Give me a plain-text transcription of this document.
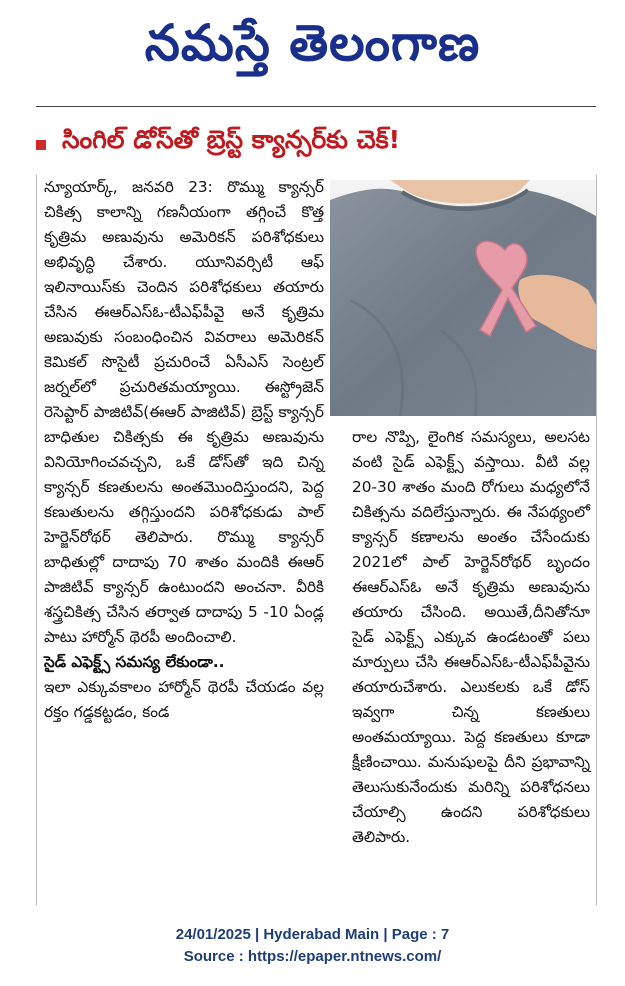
నమస్తే తెలంగాణ
సింగిల్ డోస్‌తో బ్రెస్ట్ క్యాన్సర్‌కు చెక్!

న్యూయార్క్, జనవరి 23: రొమ్ము క్యాన్సర్ చికిత్స కాలాన్ని గణనీయంగా తగ్గించే కొత్త కృత్రిమ అణువును అమెరికన్ పరిశోధకులు అభివృద్ధి చేశారు. యూనివర్సిటీ ఆఫ్ ఇలినాయిస్‌కు చెందిన పరిశోధకులు తయారు చేసిన ఈఆర్ఎస్ఓ-టీఎఫ్‌పీవై అనే కృత్రిమ అణువుకు సంబంధించిన వివరాలు అమెరికన్ కెమికల్ సొసైటీ ప్రచురించే ఏసీఎస్ సెంట్రల్ జర్నల్‌లో ప్రచురితమయ్యాయి. ఈస్ట్రోజెన్ రెసెప్టార్ పాజిటివ్(ఈఆర్ పాజిటివ్) బ్రెస్ట్ క్యాన్సర్ బాధితుల చికిత్సకు ఈ కృత్రిమ అణువును వినియోగించవచ్చని, ఒకే డోస్‌తో ఇది చిన్న క్యాన్సర్ కణతులను అంతమొందిస్తుందని, పెద్ద కణుతులను తగ్గిస్తుందని పరిశోధకుడు పాల్ హెర్జెన్‌రోథర్ తెలిపారు. రొమ్ము క్యాన్సర్ బాధితుల్లో దాదాపు 70 శాతం మందికి ఈఆర్ పాజిటివ్ క్యాన్సర్ ఉంటుందని అంచనా. వీరికి శస్త్రచికిత్స చేసిన తర్వాత దాదాపు 5 -10 ఏండ్ల పాటు హార్మోన్ థెరపీ అందించాలి.

సైడ్ ఎఫెక్ట్స్ సమస్య లేకుండా..

ఇలా ఎక్కువకాలం హార్మోన్ థెరపీ చేయడం వల్ల రక్తం గడ్డకట్టడం, కండ

రాల నొప్పి, లైంగిక సమస్యలు, అలసట వంటి సైడ్ ఎఫెక్ట్స్ వస్తాయి. వీటి వల్ల 20-30 శాతం మంది రోగులు మధ్యలోనే చికిత్సను వదిలేస్తున్నారు. ఈ నేపథ్యంలో క్యాన్సర్ కణాలను అంతం చేసేందుకు 2021లో పాల్ హెర్జెన్‌రోథర్ బృందం ఈఆర్ఎస్ఓ అనే కృత్రిమ అణువును తయారు చేసింది. అయితే,దీనితోనూ సైడ్ ఎఫెక్ట్స్ ఎక్కువ ఉండటంతో పలు మార్పులు చేసి ఈఆర్ఎస్ఓ-టీఎఫ్‌పీవైను తయారుచేశారు. ఎలుకలకు ఒకే డోస్ ఇవ్వగా చిన్న కణతులు అంతమయ్యాయి. పెద్ద కణతులు కూడా క్షీణించాయి. మనుషులపై దీని ప్రభావాన్ని తెలుసుకునేందుకు మరిన్ని పరిశోధనలు చేయాల్సి ఉందని పరిశోధకులు తెలిపారు.

24/01/2025 | Hyderabad Main | Page : 7
Source : https://epaper.ntnews.com/
